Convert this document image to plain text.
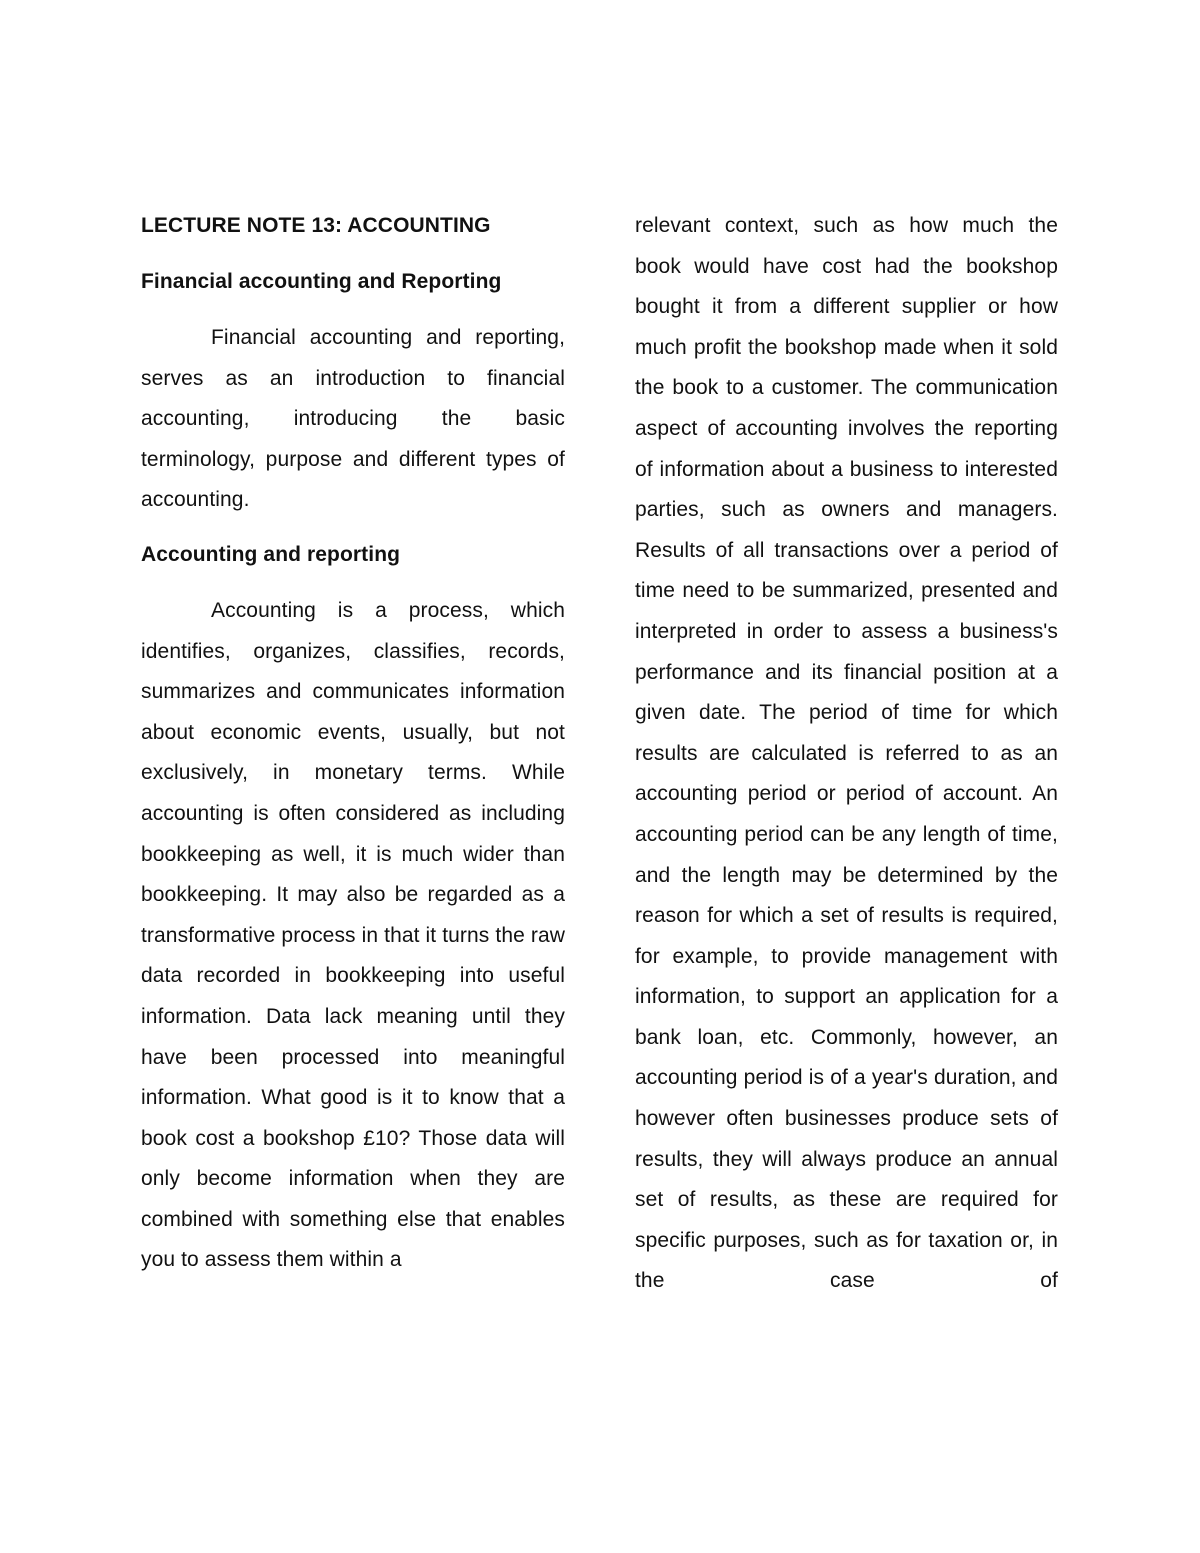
LECTURE NOTE 13: ACCOUNTING
Financial accounting and Reporting

Financial accounting and reporting, serves as an introduction to financial accounting, introducing the basic terminology, purpose and different types of accounting.

Accounting and reporting

Accounting is a process, which identifies, organizes, classifies, records, summarizes and communicates information about economic events, usually, but not exclusively, in monetary terms. While accounting is often considered as including bookkeeping as well, it is much wider than bookkeeping. It may also be regarded as a transformative process in that it turns the raw data recorded in bookkeeping into useful information. Data lack meaning until they have been processed into meaningful information. What good is it to know that a book cost a bookshop £10? Those data will only become information when they are combined with something else that enables you to assess them within a

relevant context, such as how much the book would have cost had the bookshop bought it from a different supplier or how much profit the bookshop made when it sold the book to a customer. The communication aspect of accounting involves the reporting of information about a business to interested parties, such as owners and managers. Results of all transactions over a period of time need to be summarized, presented and interpreted in order to assess a business's performance and its financial position at a given date. The period of time for which results are calculated is referred to as an accounting period or period of account. An accounting period can be any length of time, and the length may be determined by the reason for which a set of results is required, for example, to provide management with information, to support an application for a bank loan, etc. Commonly, however, an accounting period is of a year's duration, and however often businesses produce sets of results, they will always produce an annual set of results, as these are required for specific purposes, such as for taxation or, in the case of
